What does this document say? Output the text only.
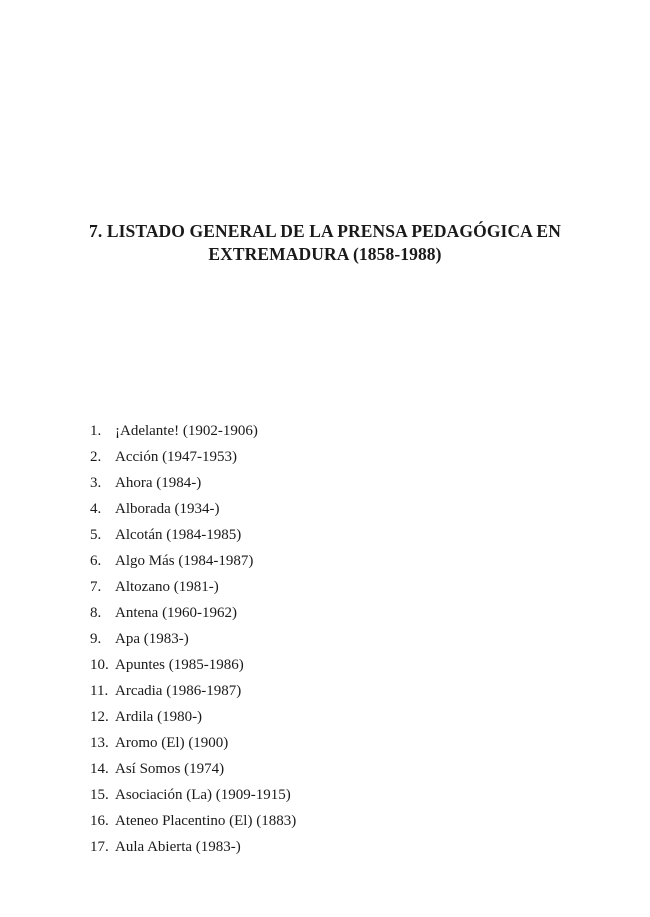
7. LISTADO GENERAL DE LA PRENSA PEDAGÓGICA EN
EXTREMADURA (1858-1988)
1. ¡Adelante! (1902-1906)
2. Acción (1947-1953)
3. Ahora (1984-)
4. Alborada (1934-)
5. Alcotán (1984-1985)
6. Algo Más (1984-1987)
7. Altozano (1981-)
8. Antena (1960-1962)
9. Apa (1983-)
10. Apuntes (1985-1986)
11. Arcadia (1986-1987)
12. Ardila (1980-)
13. Aromo (El) (1900)
14. Así Somos (1974)
15. Asociación (La) (1909-1915)
16. Ateneo Placentino (El) (1883)
17. Aula Abierta (1983-)
